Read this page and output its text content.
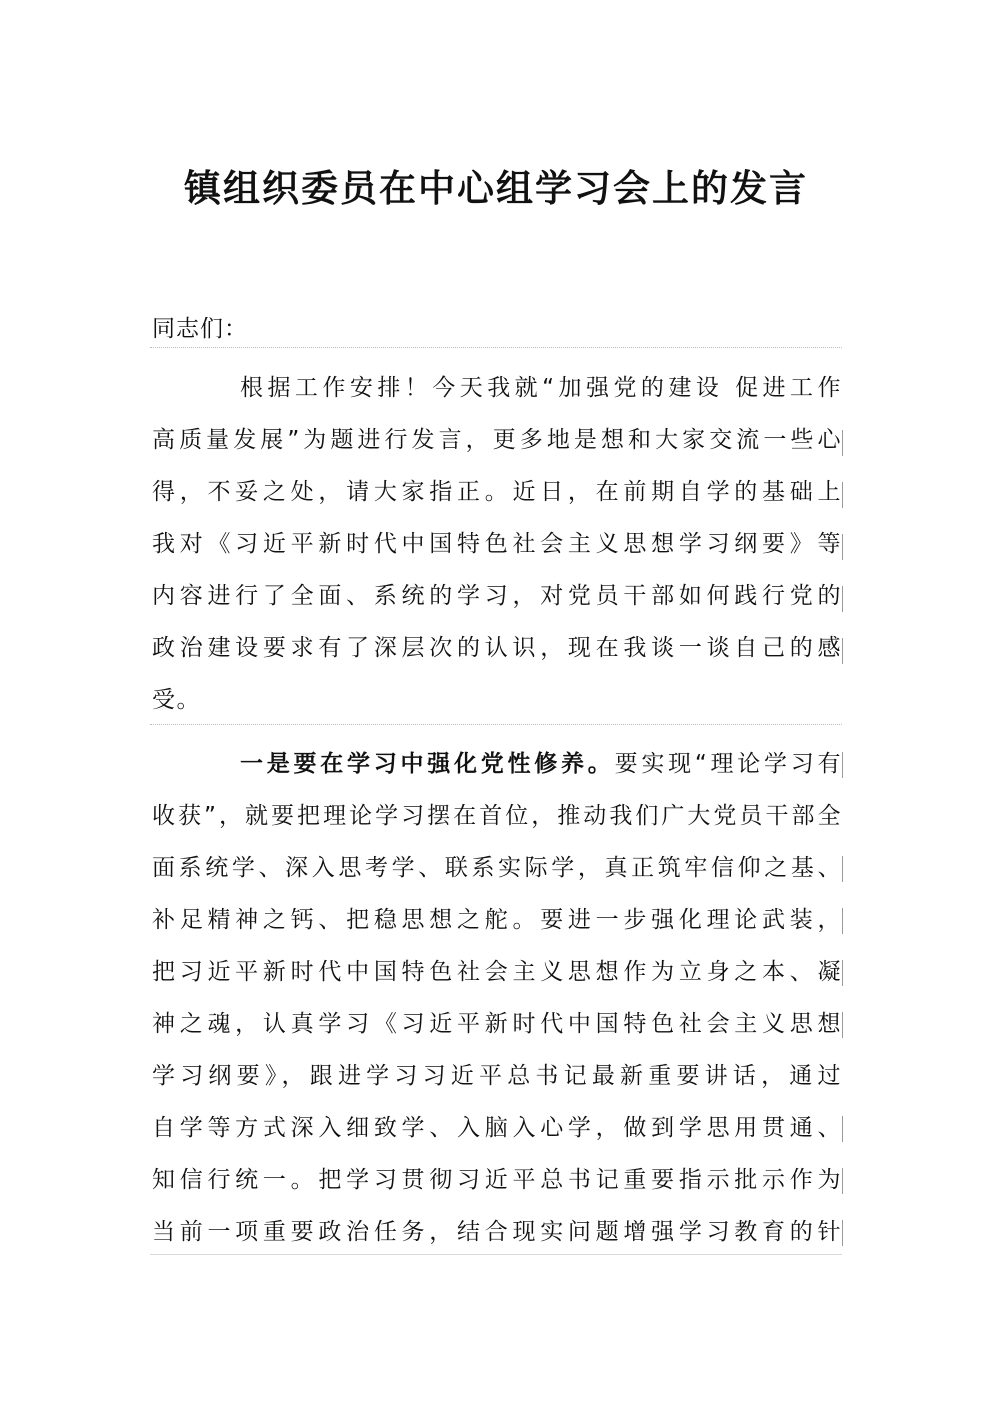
镇组织委员在中心组学习会上的发言
同志们：
根据工作安排！今天我就“加强党的建设 促进工作
高质量发展”为题进行发言，更多地是想和大家交流一些心
得，不妥之处，请大家指正。近日，在前期自学的基础上
我对《习近平新时代中国特色社会主义思想学习纲要》等
内容进行了全面、系统的学习，对党员干部如何践行党的
政治建设要求有了深层次的认识，现在我谈一谈自己的感
受。
一是要在学习中强化党性修养。要实现“理论学习有
收获”，就要把理论学习摆在首位，推动我们广大党员干部全
面系统学、深入思考学、联系实际学，真正筑牢信仰之基、
补足精神之钙、把稳思想之舵。要进一步强化理论武装，
把习近平新时代中国特色社会主义思想作为立身之本、凝
神之魂，认真学习《习近平新时代中国特色社会主义思想
学习纲要》，跟进学习习近平总书记最新重要讲话，通过
自学等方式深入细致学、入脑入心学，做到学思用贯通、
知信行统一。把学习贯彻习近平总书记重要指示批示作为
当前一项重要政治任务，结合现实问题增强学习教育的针
